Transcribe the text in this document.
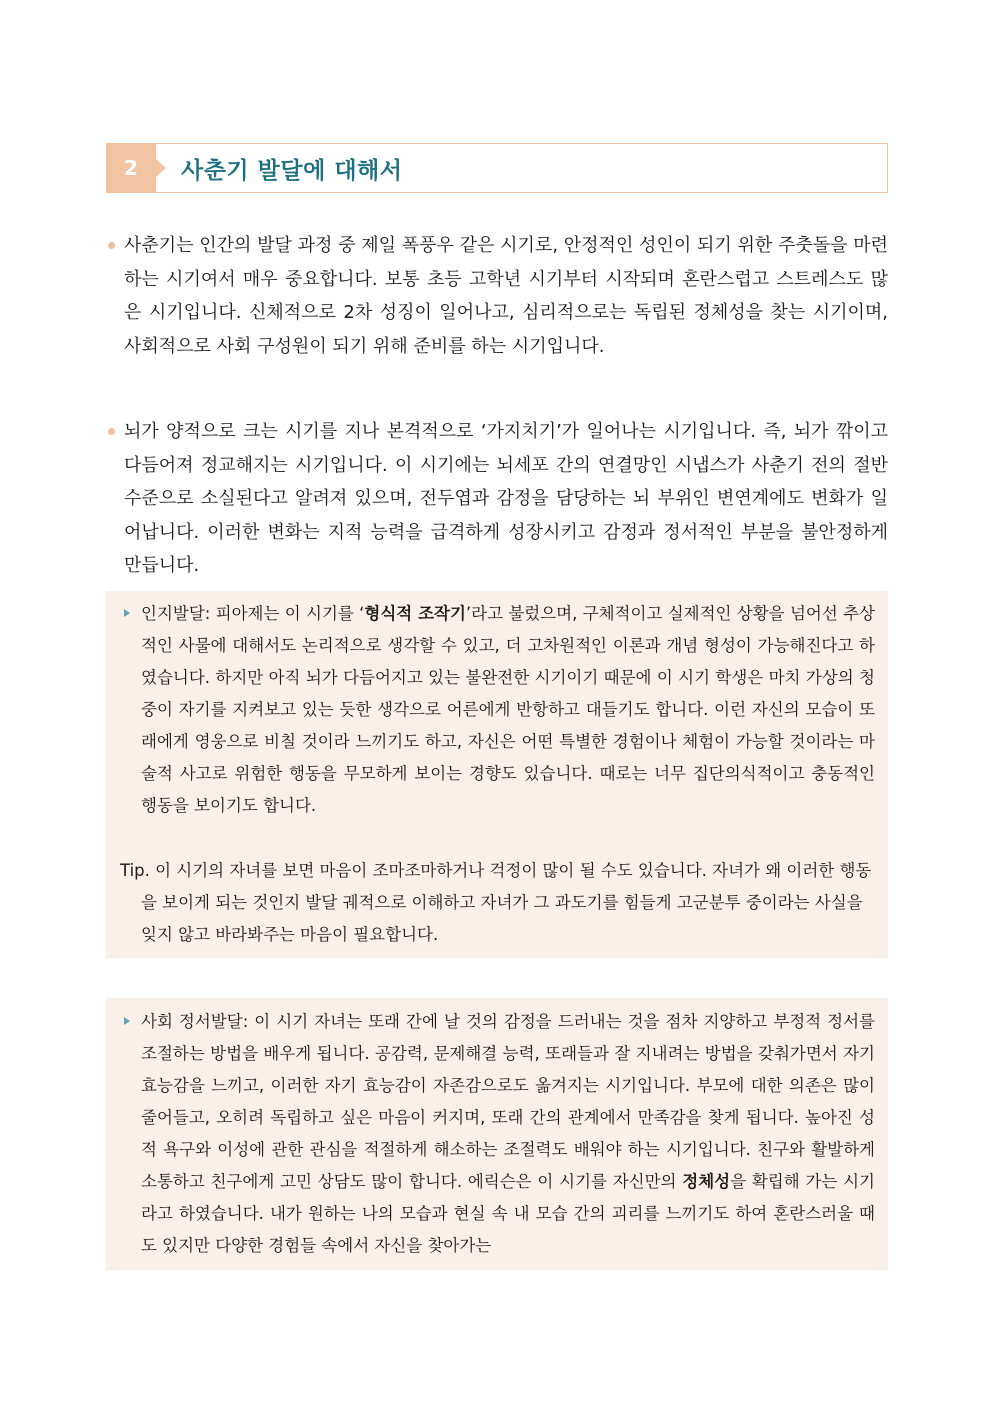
2	사춘기 발달에 대해서
사춘기는 인간의 발달 과정 중 제일 폭풍우 같은 시기로, 안정적인 성인이 되기 위한 주춧돌을 마련하는 시기여서 매우 중요합니다. 보통 초등 고학년 시기부터 시작되며 혼란스럽고 스트레스도 많은 시기입니다. 신체적으로 2차 성징이 일어나고, 심리적으로는 독립된 정체성을 찾는 시기이며, 사회적으로 사회 구성원이 되기 위해 준비를 하는 시기입니다.
뇌가 양적으로 크는 시기를 지나 본격적으로 ‘가지치기’가 일어나는 시기입니다. 즉, 뇌가 깎이고 다듬어져 정교해지는 시기입니다. 이 시기에는 뇌세포 간의 연결망인 시냅스가 사춘기 전의 절반 수준으로 소실된다고 알려져 있으며, 전두엽과 감정을 담당하는 뇌 부위인 변연계에도 변화가 일어납니다. 이러한 변화는 지적 능력을 급격하게 성장시키고 감정과 정서적인 부분을 불안정하게 만듭니다.
인지발달: 피아제는 이 시기를 ‘형식적 조작기’라고 불렀으며, 구체적이고 실제적인 상황을 넘어선 추상적인 사물에 대해서도 논리적으로 생각할 수 있고, 더 고차원적인 이론과 개념 형성이 가능해진다고 하였습니다. 하지만 아직 뇌가 다듬어지고 있는 불완전한 시기이기 때문에 이 시기 학생은 마치 가상의 청중이 자기를 지켜보고 있는 듯한 생각으로 어른에게 반항하고 대들기도 합니다. 이런 자신의 모습이 또래에게 영웅으로 비칠 것이라 느끼기도 하고, 자신은 어떤 특별한 경험이나 체험이 가능할 것이라는 마술적 사고로 위험한 행동을 무모하게 보이는 경향도 있습니다. 때로는 너무 집단의식적이고 충동적인 행동을 보이기도 합니다.
Tip. 이 시기의 자녀를 보면 마음이 조마조마하거나 걱정이 많이 될 수도 있습니다. 자녀가 왜 이러한 행동을 보이게 되는 것인지 발달 궤적으로 이해하고 자녀가 그 과도기를 힘들게 고군분투 중이라는 사실을 잊지 않고 바라봐주는 마음이 필요합니다.
사회 정서발달: 이 시기 자녀는 또래 간에 날 것의 감정을 드러내는 것을 점차 지양하고 부정적 정서를 조절하는 방법을 배우게 됩니다. 공감력, 문제해결 능력, 또래들과 잘 지내려는 방법을 갖춰가면서 자기 효능감을 느끼고, 이러한 자기 효능감이 자존감으로도 옮겨지는 시기입니다. 부모에 대한 의존은 많이 줄어들고, 오히려 독립하고 싶은 마음이 커지며, 또래 간의 관계에서 만족감을 찾게 됩니다. 높아진 성적 욕구와 이성에 관한 관심을 적절하게 해소하는 조절력도 배워야 하는 시기입니다. 친구와 활발하게 소통하고 친구에게 고민 상담도 많이 합니다. 에릭슨은 이 시기를 자신만의 정체성을 확립해 가는 시기라고 하였습니다. 내가 원하는 나의 모습과 현실 속 내 모습 간의 괴리를 느끼기도 하여 혼란스러울 때도 있지만 다양한 경험들 속에서 자신을 찾아가는
